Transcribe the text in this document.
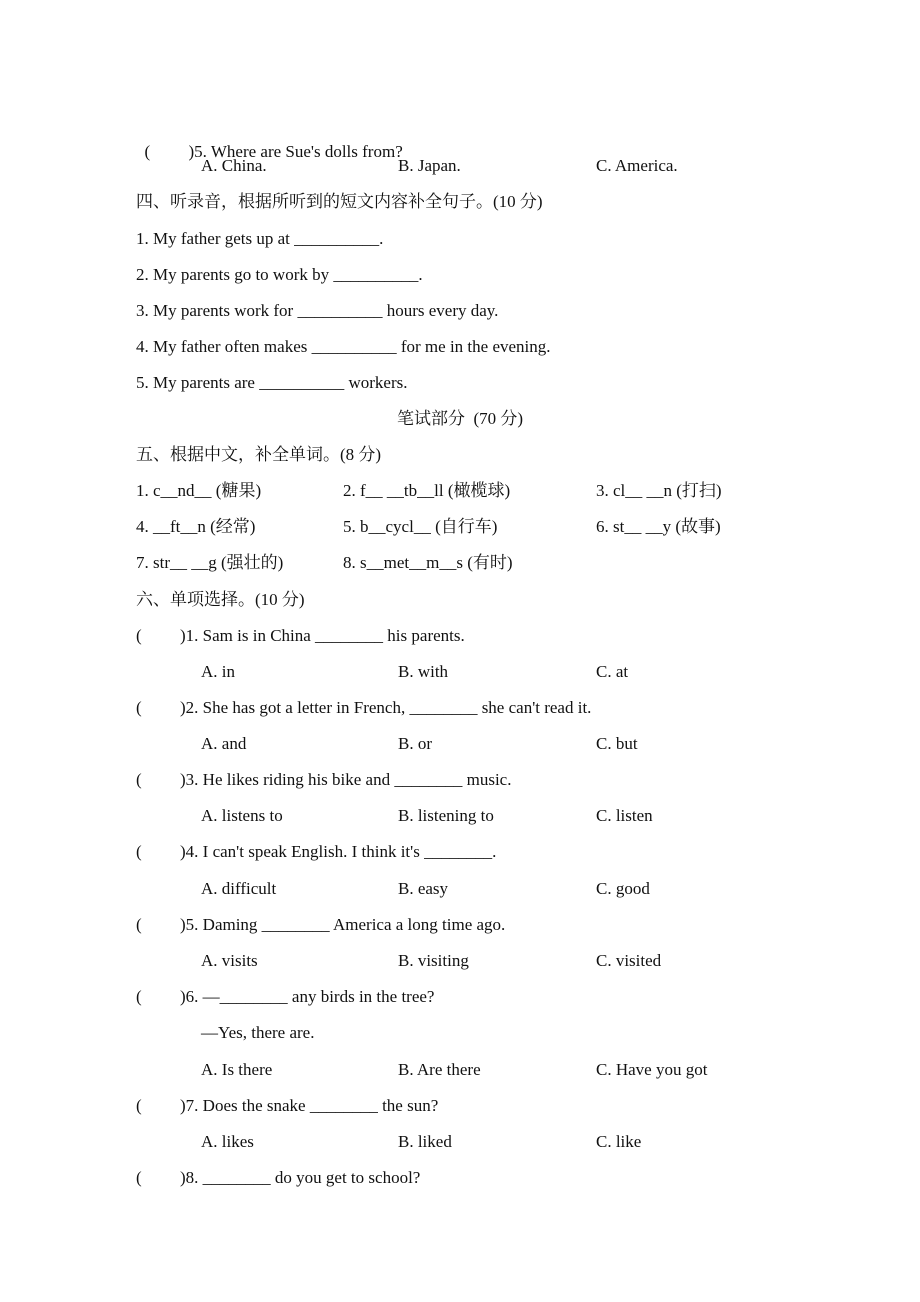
( )5. Where are Sue's dolls from?

A. China.	B. Japan.	C. America.
四、听录音，根据所听到的短文内容补全句子。(10 分)
1. My father gets up at __________.
2. My parents go to work by __________.
3. My parents work for __________ hours every day.
4. My father often makes __________ for me in the evening.
5. My parents are __________ workers.
笔试部分  (70 分)
五、根据中文，补全单词。(8 分)
1. c__nd__ (糖果)	2. f__ __tb__ll (橄榄球)	3. cl__ __n (打扫)
4. __ft__n (经常)	5. b__cycl__ (自行车)	6. st__ __y (故事)
7. str__ __g (强壮的)	8. s__met__m__s (有时)
六、单项选择。(10 分)
( )1. Sam is in China ________ his parents.
A. in	B. with	C. at
( )2. She has got a letter in French, ________ she can't read it.
A. and	B. or	C. but
( )3. He likes riding his bike and ________ music.
A. listens to	B. listening to	C. listen
( )4. I can't speak English. I think it's ________.
A. difficult	B. easy	C. good
( )5. Daming ________ America a long time ago.
A. visits	B. visiting	C. visited
( )6. —________ any birds in the tree?
—Yes, there are.
A. Is there	B. Are there	C. Have you got
( )7. Does the snake ________ the sun?
A. likes	B. liked	C. like
( )8. ________ do you get to school?
